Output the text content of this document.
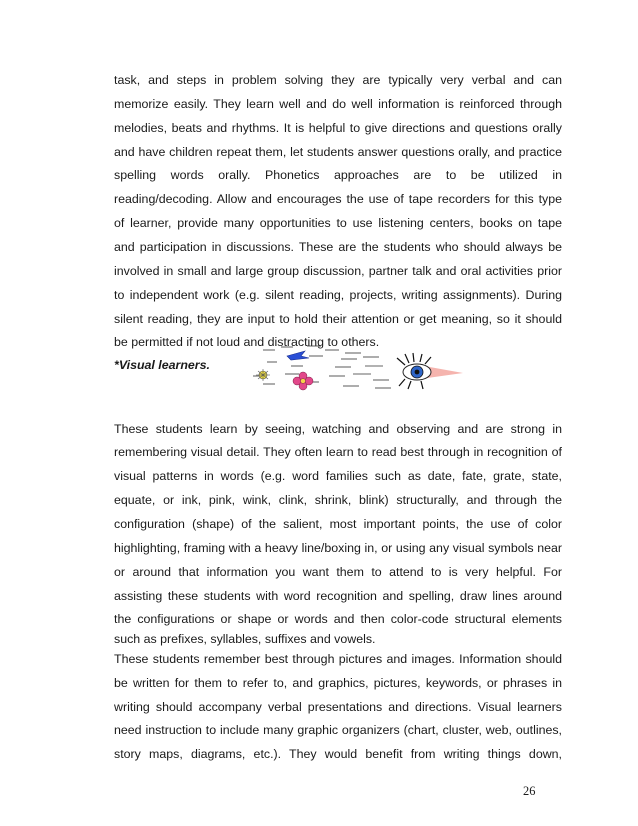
task, and steps in problem solving they are typically very verbal and can
memorize easily. They learn well and do well information is reinforced through
melodies, beats and rhythms. It is helpful to give directions and questions orally
and have children repeat them, let students answer questions orally, and practice
spelling words orally. Phonetics approaches are to be utilized in
reading/decoding. Allow and encourages the use of tape recorders for this type
of learner, provide many opportunities to use listening centers, books on tape
and participation in discussions. These are the students who should always be
involved in small and large group discussion, partner talk and oral activities prior
to independent work (e.g. silent reading, projects, writing assignments). During
silent reading, they are input to hold their attention or get meaning, so it should
be permitted if not loud and distracting to others.
*Visual learners.
These students learn by seeing, watching and observing and are strong in
remembering visual detail. They often learn to read best through in recognition of
visual patterns in words (e.g. word families such as date, fate, grate, state,
equate, or ink, pink, wink, clink, shrink, blink) structurally, and through the
configuration (shape) of the salient, most important points, the use of color
highlighting, framing with a heavy line/boxing in, or using any visual symbols near
or around that information you want them to attend to is very helpful. For
assisting these students with word recognition and spelling, draw lines around
the configurations or shape or words and then color-code structural elements
such as prefixes, syllables, suffixes and vowels.
These students remember best through pictures and images. Information should
be written for them to refer to, and graphics, pictures, keywords, or phrases in
writing should accompany verbal presentations and directions. Visual learners
need instruction to include many graphic organizers (chart, cluster, web, outlines,
story maps, diagrams, etc.). They would benefit from writing things down,
26
